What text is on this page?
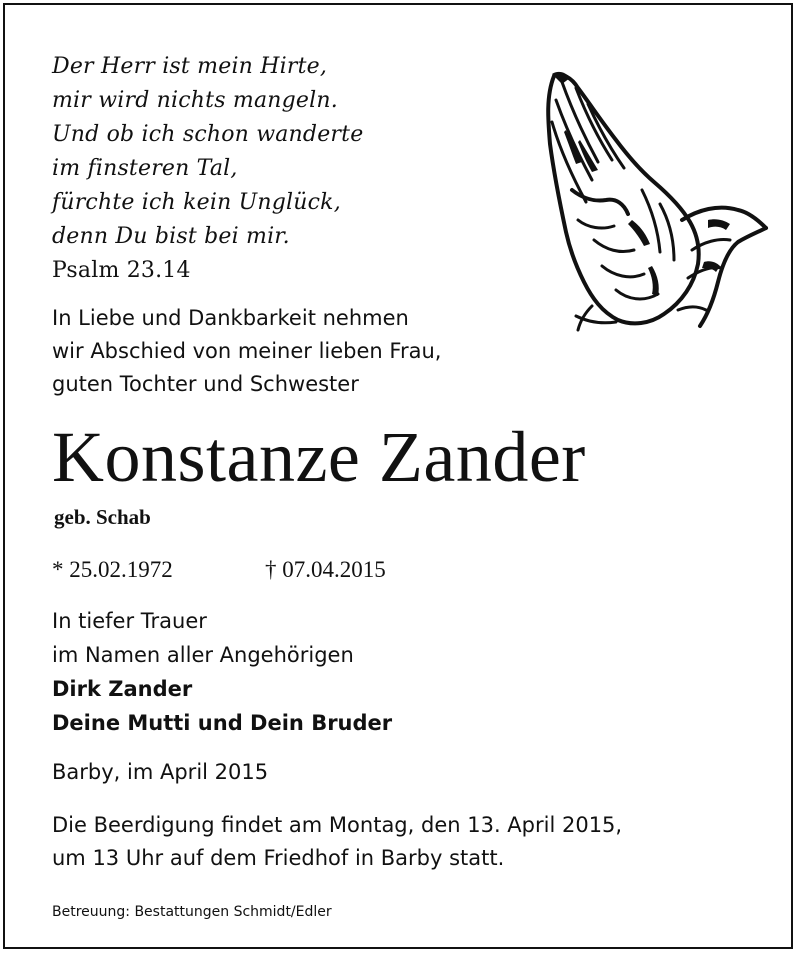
Der Herr ist mein Hirte,
mir wird nichts mangeln.
Und ob ich schon wanderte
im finsteren Tal,
fürchte ich kein Unglück,
denn Du bist bei mir.
Psalm 23.14
In Liebe und Dankbarkeit nehmen
wir Abschied von meiner lieben Frau,
guten Tochter und Schwester
Konstanze Zander
geb. Schab
* 25.02.1972	† 07.04.2015
In tiefer Trauer
im Namen aller Angehörigen
Dirk Zander
Deine Mutti und Dein Bruder
Barby, im April 2015
Die Beerdigung findet am Montag, den 13. April 2015,
um 13 Uhr auf dem Friedhof in Barby statt.
Betreuung: Bestattungen Schmidt/Edler
